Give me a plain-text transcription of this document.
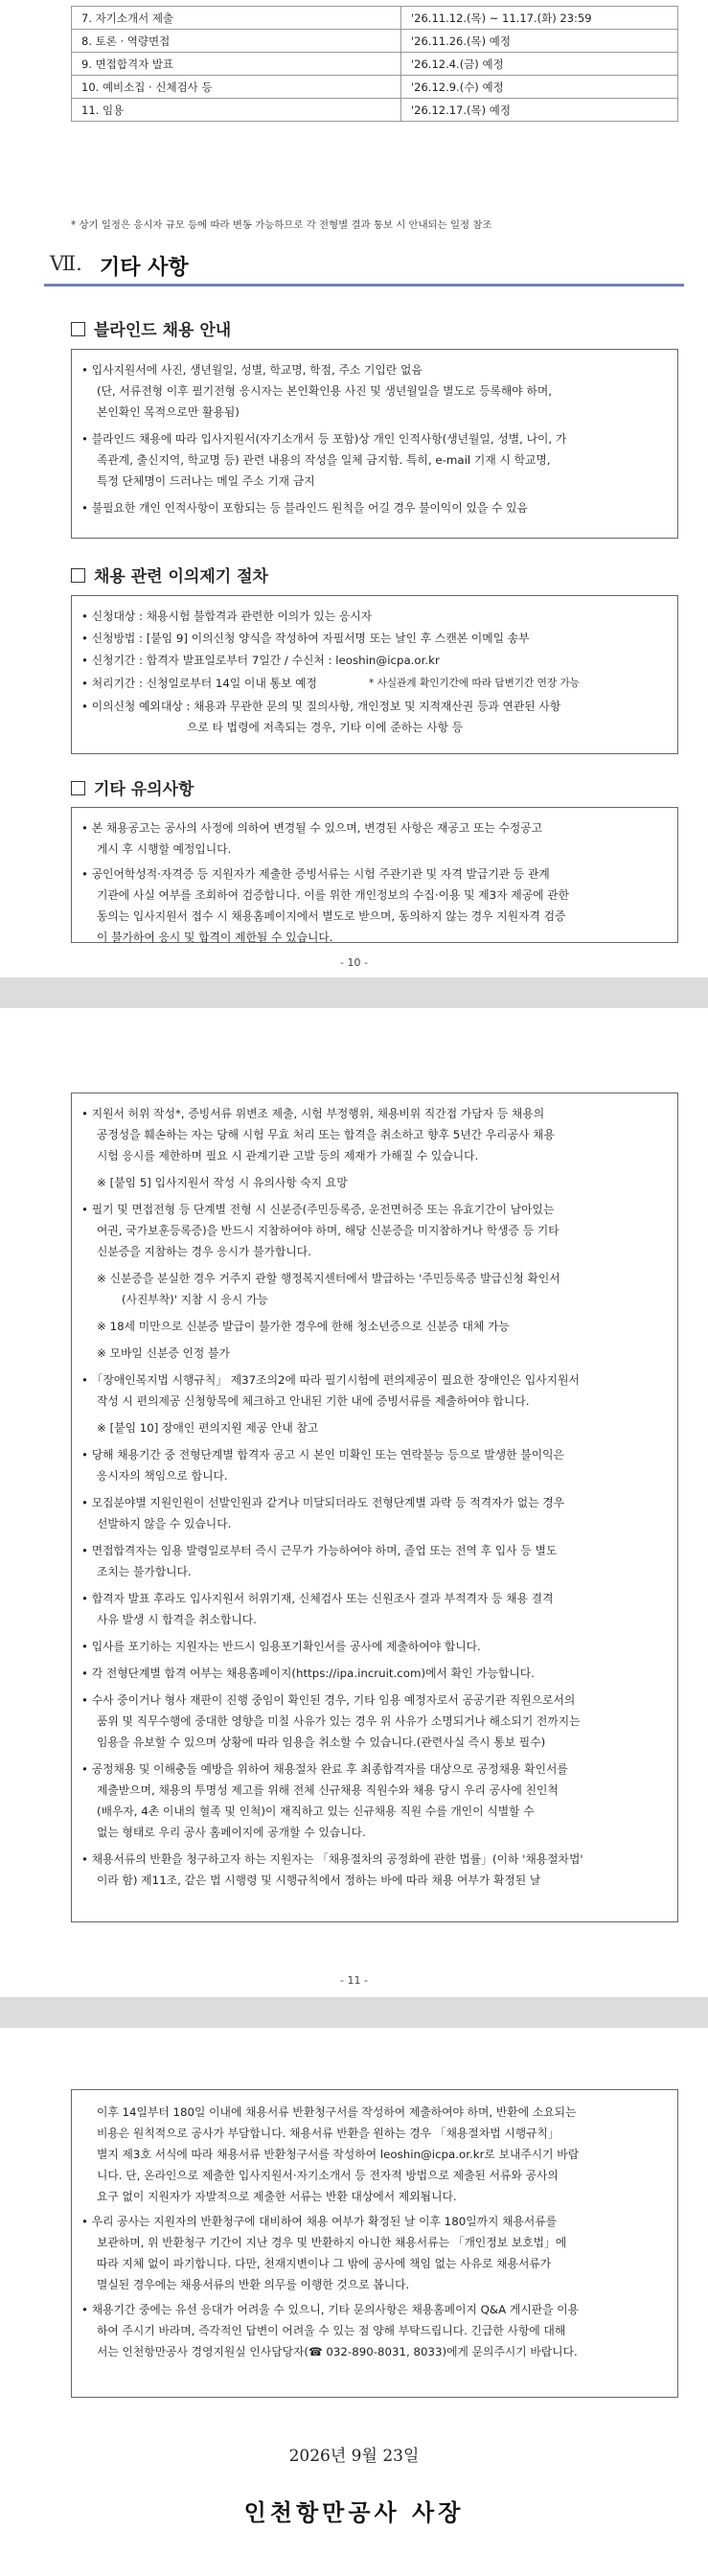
7. 자기소개서 제출	'26.11.12.(목) ~ 11.17.(화) 23:59
8. 토론 · 역량면접	'26.11.26.(목) 예정
9. 면접합격자 발표	'26.12.4.(금) 예정
10. 예비소집 · 신체검사 등	'26.12.9.(수) 예정
11. 임용	'26.12.17.(목) 예정
* 상기 일정은 응시자 규모 등에 따라 변동 가능하므로 각 전형별 결과 통보 시 안내되는 일정 참조
Ⅶ. 기타 사항
블라인드 채용 안내
• 입사지원서에 사진, 생년월일, 성별, 학교명, 학점, 주소 기입란 없음
(단, 서류전형 이후 필기전형 응시자는 본인확인용 사진 및 생년월일을 별도로 등록해야 하며,
본인확인 목적으로만 활용됨)
• 블라인드 채용에 따라 입사지원서(자기소개서 등 포함)상 개인 인적사항(생년월일, 성별, 나이, 가
족관계, 출신지역, 학교명 등) 관련 내용의 작성을 일체 금지함. 특히, e-mail 기재 시 학교명,
특정 단체명이 드러나는 메일 주소 기재 금지
• 불필요한 개인 인적사항이 포함되는 등 블라인드 원칙을 어길 경우 불이익이 있을 수 있음
채용 관련 이의제기 절차
• 신청대상 : 채용시험 불합격과 관련한 이의가 있는 응시자
• 신청방법 : [붙임 9] 이의신청 양식을 작성하여 자필서명 또는 날인 후 스캔본 이메일 송부
• 신청기간 : 합격자 발표일로부터 7일간 / 수신처 : leoshin@icpa.or.kr
• 처리기간 : 신청일로부터 14일 이내 통보 예정	* 사실관계 확인기간에 따라 답변기간 연장 가능
• 이의신청 예외대상 : 채용과 무관한 문의 및 질의사항, 개인정보 및 지적재산권 등과 연관된 사항
으로 타 법령에 저촉되는 경우, 기타 이에 준하는 사항 등
기타 유의사항
• 본 채용공고는 공사의 사정에 의하여 변경될 수 있으며, 변경된 사항은 재공고 또는 수정공고
게시 후 시행할 예정입니다.
• 공인어학성적·자격증 등 지원자가 제출한 증빙서류는 시험 주관기관 및 자격 발급기관 등 관계
기관에 사실 여부를 조회하여 검증합니다. 이를 위한 개인정보의 수집·이용 및 제3자 제공에 관한
동의는 입사지원서 접수 시 채용홈페이지에서 별도로 받으며, 동의하지 않는 경우 지원자격 검증
이 불가하여 응시 및 합격이 제한될 수 있습니다.
- 10 -
• 지원서 허위 작성*, 증빙서류 위변조 제출, 시험 부정행위, 채용비위 직간접 가담자 등 채용의
공정성을 훼손하는 자는 당해 시험 무효 처리 또는 합격을 취소하고 향후 5년간 우리공사 채용
시험 응시를 제한하며 필요 시 관계기관 고발 등의 제재가 가해질 수 있습니다.
※ [붙임 5] 입사지원서 작성 시 유의사항 숙지 요망
• 필기 및 면접전형 등 단계별 전형 시 신분증(주민등록증, 운전면허증 또는 유효기간이 남아있는
여권, 국가보훈등록증)을 반드시 지참하여야 하며, 해당 신분증을 미지참하거나 학생증 등 기타
신분증을 지참하는 경우 응시가 불가합니다.
※ 신분증을 분실한 경우 거주지 관할 행정복지센터에서 발급하는 '주민등록증 발급신청 확인서
(사진부착)' 지참 시 응시 가능
※ 18세 미만으로 신분증 발급이 불가한 경우에 한해 청소년증으로 신분증 대체 가능
※ 모바일 신분증 인정 불가
• 「장애인복지법 시행규칙」 제37조의2에 따라 필기시험에 편의제공이 필요한 장애인은 입사지원서
작성 시 편의제공 신청항목에 체크하고 안내된 기한 내에 증빙서류를 제출하여야 합니다.
※ [붙임 10] 장애인 편의지원 제공 안내 참고
• 당해 채용기간 중 전형단계별 합격자 공고 시 본인 미확인 또는 연락불능 등으로 발생한 불이익은
응시자의 책임으로 합니다.
• 모집분야별 지원인원이 선발인원과 같거나 미달되더라도 전형단계별 과락 등 적격자가 없는 경우
선발하지 않을 수 있습니다.
• 면접합격자는 임용 발령일로부터 즉시 근무가 가능하여야 하며, 졸업 또는 전역 후 입사 등 별도
조치는 불가합니다.
• 합격자 발표 후라도 입사지원서 허위기재, 신체검사 또는 신원조사 결과 부적격자 등 채용 결격
사유 발생 시 합격을 취소합니다.
• 입사를 포기하는 지원자는 반드시 임용포기확인서를 공사에 제출하여야 합니다.
• 각 전형단계별 합격 여부는 채용홈페이지(https://ipa.incruit.com)에서 확인 가능합니다.
• 수사 중이거나 형사 재판이 진행 중임이 확인된 경우, 기타 임용 예정자로서 공공기관 직원으로서의
품위 및 직무수행에 중대한 영향을 미칠 사유가 있는 경우 위 사유가 소명되거나 해소되기 전까지는
임용을 유보할 수 있으며 상황에 따라 임용을 취소할 수 있습니다.(관련사실 즉시 통보 필수)
• 공정채용 및 이해충돌 예방을 위하여 채용절차 완료 후 최종합격자를 대상으로 공정채용 확인서를
제출받으며, 채용의 투명성 제고를 위해 전체 신규채용 직원수와 채용 당시 우리 공사에 친인척
(배우자, 4촌 이내의 혈족 및 인척)이 재직하고 있는 신규채용 직원 수를 개인이 식별할 수
없는 형태로 우리 공사 홈페이지에 공개할 수 있습니다.
• 채용서류의 반환을 청구하고자 하는 지원자는 「채용절차의 공정화에 관한 법률」(이하 '채용절차법'
이라 함) 제11조, 같은 법 시행령 및 시행규칙에서 정하는 바에 따라 채용 여부가 확정된 날
- 11 -
이후 14일부터 180일 이내에 채용서류 반환청구서를 작성하여 제출하여야 하며, 반환에 소요되는
비용은 원칙적으로 공사가 부담합니다. 채용서류 반환을 원하는 경우 「채용절차법 시행규칙」
별지 제3호 서식에 따라 채용서류 반환청구서를 작성하여 leoshin@icpa.or.kr로 보내주시기 바랍
니다. 단, 온라인으로 제출한 입사지원서·자기소개서 등 전자적 방법으로 제출된 서류와 공사의
요구 없이 지원자가 자발적으로 제출한 서류는 반환 대상에서 제외됩니다.
• 우리 공사는 지원자의 반환청구에 대비하여 채용 여부가 확정된 날 이후 180일까지 채용서류를
보관하며, 위 반환청구 기간이 지난 경우 및 반환하지 아니한 채용서류는 「개인정보 보호법」에
따라 지체 없이 파기합니다. 다만, 천재지변이나 그 밖에 공사에 책임 없는 사유로 채용서류가
멸실된 경우에는 채용서류의 반환 의무를 이행한 것으로 봅니다.
• 채용기간 중에는 유선 응대가 어려울 수 있으니, 기타 문의사항은 채용홈페이지 Q&A 게시판을 이용
하여 주시기 바라며, 즉각적인 답변이 어려울 수 있는 점 양해 부탁드립니다. 긴급한 사항에 대해
서는 인천항만공사 경영지원실 인사담당자(☎ 032-890-8031, 8033)에게 문의주시기 바랍니다.
2026년 9월 23일
인천항만공사 사장
